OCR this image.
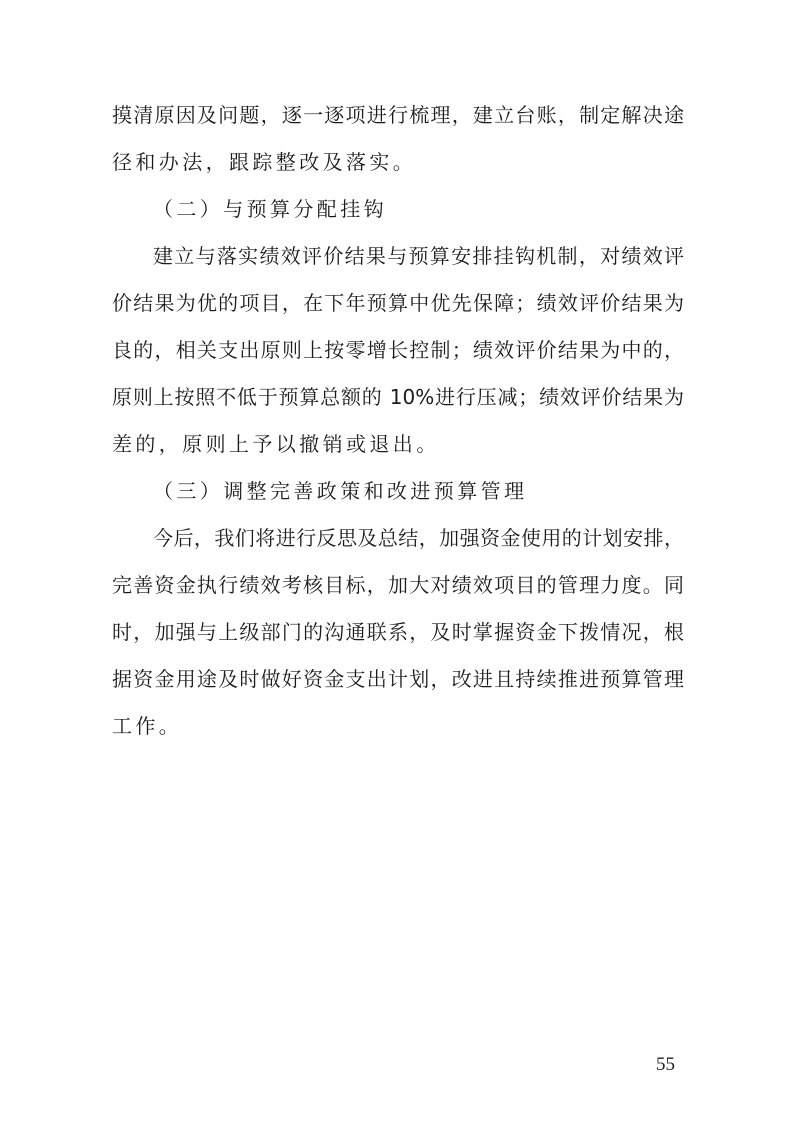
摸清原因及问题，逐一逐项进行梳理，建立台账，制定解决途
径和办法，跟踪整改及落实。
（二）与预算分配挂钩
建立与落实绩效评价结果与预算安排挂钩机制，对绩效评
价结果为优的项目，在下年预算中优先保障；绩效评价结果为
良的，相关支出原则上按零增长控制；绩效评价结果为中的，
原则上按照不低于预算总额的 10%进行压减；绩效评价结果为
差的，原则上予以撤销或退出。
（三）调整完善政策和改进预算管理
今后，我们将进行反思及总结，加强资金使用的计划安排，
完善资金执行绩效考核目标，加大对绩效项目的管理力度。同
时，加强与上级部门的沟通联系，及时掌握资金下拨情况，根
据资金用途及时做好资金支出计划，改进且持续推进预算管理
工作。
55
